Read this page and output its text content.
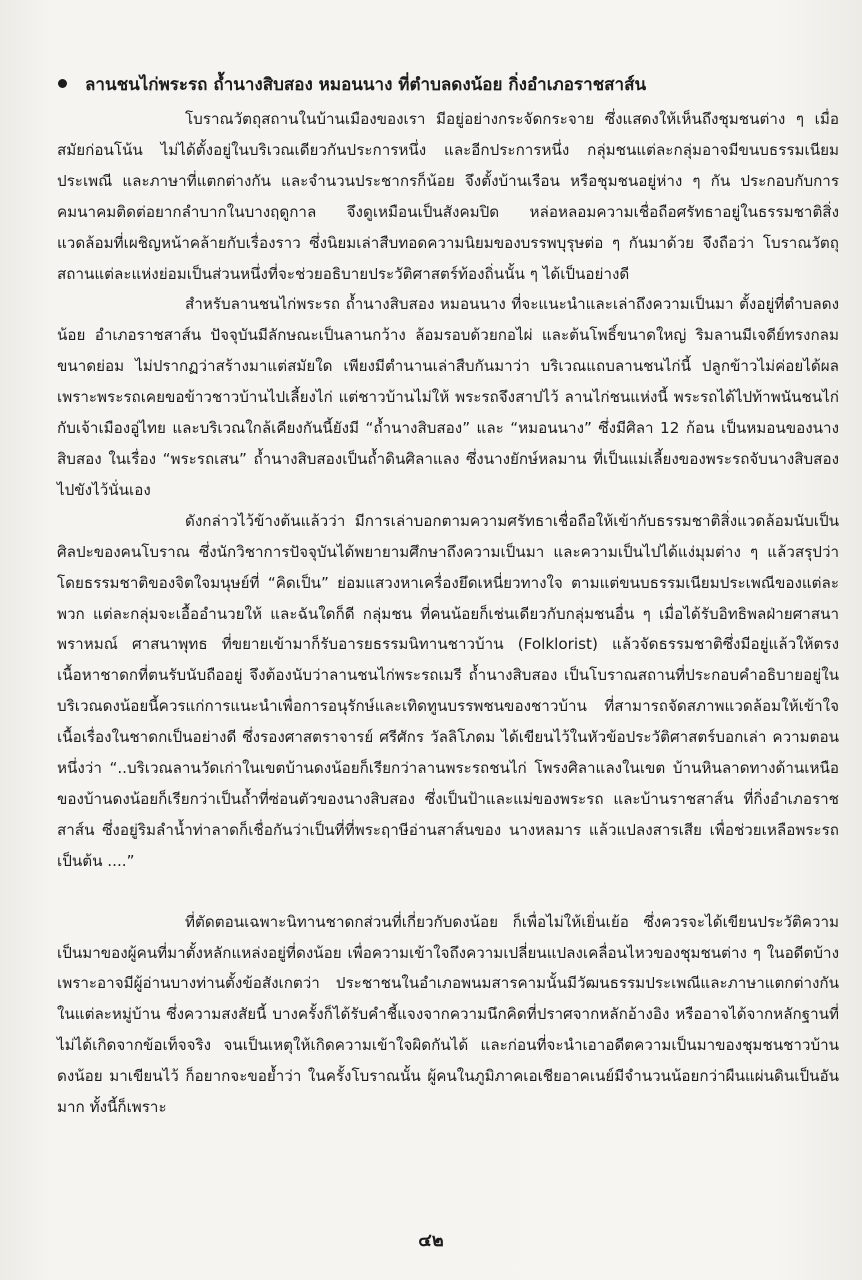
ลานชนไก่พระรถ ถ้ำนางสิบสอง หมอนนาง ที่ตำบลดงน้อย กิ่งอำเภอราชสาส์น

โบราณวัตถุสถานในบ้านเมืองของเรา มีอยู่อย่างกระจัดกระจาย ซึ่งแสดงให้เห็นถึงชุมชนต่าง ๆ เมื่อสมัยก่อนโน้น ไม่ได้ตั้งอยู่ในบริเวณเดียวกันประการหนึ่ง และอีกประการหนึ่ง กลุ่มชนแต่ละกลุ่มอาจมีขนบธรรมเนียมประเพณี และภาษาที่แตกต่างกัน และจำนวนประชากรก็น้อย จึงตั้งบ้านเรือน หรือชุมชนอยู่ห่าง ๆ กัน ประกอบกับการคมนาคมติดต่อยากลำบากในบางฤดูกาล จึงดูเหมือนเป็นสังคมปิด หล่อหลอมความเชื่อถือศรัทธาอยู่ในธรรมชาติสิ่งแวดล้อมที่เผชิญหน้าคล้ายกับเรื่องราว ซึ่งนิยมเล่าสืบทอดความนิยมของบรรพบุรุษต่อ ๆ กันมาด้วย จึงถือว่า โบราณวัตถุสถานแต่ละแห่งย่อมเป็นส่วนหนึ่งที่จะช่วยอธิบายประวัติศาสตร์ท้องถิ่นนั้น ๆ ได้เป็นอย่างดี

สำหรับลานชนไก่พระรถ ถ้ำนางสิบสอง หมอนนาง ที่จะแนะนำและเล่าถึงความเป็นมา ตั้งอยู่ที่ตำบลดงน้อย อำเภอราชสาส์น ปัจจุบันมีลักษณะเป็นลานกว้าง ล้อมรอบด้วยกอไผ่ และต้นโพธิ์ขนาดใหญ่ ริมลานมีเจดีย์ทรงกลมขนาดย่อม ไม่ปรากฏว่าสร้างมาแต่สมัยใด เพียงมีตำนานเล่าสืบกันมาว่า บริเวณแถบลานชนไก่นี้ ปลูกข้าวไม่ค่อยได้ผล เพราะพระรถเคยขอข้าวชาวบ้านไปเลี้ยงไก่ แต่ชาวบ้านไม่ให้ พระรถจึงสาปไว้ ลานไก่ชนแห่งนี้ พระรถได้ไปท้าพนันชนไก่กับเจ้าเมืองอู่ไทย และบริเวณใกล้เคียงกันนี้ยังมี “ถ้ำนางสิบสอง” และ “หมอนนาง” ซึ่งมีศิลา 12 ก้อน เป็นหมอนของนางสิบสอง ในเรื่อง “พระรถเสน” ถ้ำนางสิบสองเป็นถ้ำดินศิลาแลง ซึ่งนางยักษ์หลมาน ที่เป็นแม่เลี้ยงของพระรถจับนางสิบสองไปขังไว้นั่นเอง

ดังกล่าวไว้ข้างต้นแล้วว่า มีการเล่าบอกตามความศรัทธาเชื่อถือให้เข้ากับธรรมชาติสิ่งแวดล้อมนับเป็นศิลปะของคนโบราณ ซึ่งนักวิชาการปัจจุบันได้พยายามศึกษาถึงความเป็นมา และความเป็นไปได้แง่มุมต่าง ๆ แล้วสรุปว่า โดยธรรมชาติของจิตใจมนุษย์ที่ “คิดเป็น” ย่อมแสวงหาเครื่องยึดเหนี่ยวทางใจ ตามแต่ขนบธรรมเนียมประเพณีของแต่ละพวก แต่ละกลุ่มจะเอื้ออำนวยให้ และฉันใดก็ดี กลุ่มชน ที่คนน้อยก็เช่นเดียวกับกลุ่มชนอื่น ๆ เมื่อได้รับอิทธิพลฝ่ายศาสนาพราหมณ์ ศาสนาพุทธ ที่ขยายเข้ามาก็รับอารยธรรมนิทานชาวบ้าน (Folklorist) แล้วจัดธรรมชาติซึ่งมีอยู่แล้วให้ตรงเนื้อหาชาดกที่ตนรับนับถืออยู่ จึงต้องนับว่าลานชนไก่พระรถเมรี ถ้ำนางสิบสอง เป็นโบราณสถานที่ประกอบคำอธิบายอยู่ในบริเวณดงน้อยนี้ควรแก่การแนะนำเพื่อการอนุรักษ์และเทิดทูนบรรพชนของชาวบ้าน ที่สามารถจัดสภาพแวดล้อมให้เข้าใจ เนื้อเรื่องในชาดกเป็นอย่างดี ซึ่งรองศาสตราจารย์ ศรีศักร วัลลิโภดม ได้เขียนไว้ในหัวข้อประวัติศาสตร์บอกเล่า ความตอนหนึ่งว่า “..บริเวณลานวัดเก่าในเขตบ้านดงน้อยก็เรียกว่าลานพระรถชนไก่ โพรงศิลาแลงในเขต บ้านหินลาดทางด้านเหนือของบ้านดงน้อยก็เรียกว่าเป็นถ้ำที่ซ่อนตัวของนางสิบสอง ซึ่งเป็นป้าและแม่ของพระรถ และบ้านราชสาส์น ที่กิ่งอำเภอราชสาส์น ซึ่งอยู่ริมลำน้ำท่าลาดก็เชื่อกันว่าเป็นที่ที่พระฤาษีอ่านสาส์นของ นางหลมาร แล้วแปลงสารเสีย เพื่อช่วยเหลือพระรถเป็นต้น ....”

ที่ตัดตอนเฉพาะนิทานชาดกส่วนที่เกี่ยวกับดงน้อย ก็เพื่อไม่ให้เยิ่นเย้อ ซึ่งควรจะได้เขียนประวัติความเป็นมาของผู้คนที่มาตั้งหลักแหล่งอยู่ที่ดงน้อย เพื่อความเข้าใจถึงความเปลี่ยนแปลงเคลื่อนไหวของชุมชนต่าง ๆ ในอดีตบ้าง เพราะอาจมีผู้อ่านบางท่านตั้งข้อสังเกตว่า ประชาชนในอำเภอพนมสารคามนั้นมีวัฒนธรรมประเพณีและภาษาแตกต่างกันในแต่ละหมู่บ้าน ซึ่งความสงสัยนี้ บางครั้งก็ได้รับคำชี้แจงจากความนึกคิดที่ปราศจากหลักอ้างอิง หรืออาจได้จากหลักฐานที่ไม่ได้เกิดจากข้อเท็จจริง จนเป็นเหตุให้เกิดความเข้าใจผิดกันได้ และก่อนที่จะนำเอาอดีตความเป็นมาของชุมชนชาวบ้านดงน้อย มาเขียนไว้ ก็อยากจะขอย้ำว่า ในครั้งโบราณนั้น ผู้คนในภูมิภาคเอเชียอาคเนย์มีจำนวนน้อยกว่าผืนแผ่นดินเป็นอันมาก ทั้งนี้ก็เพราะ

๔๒
